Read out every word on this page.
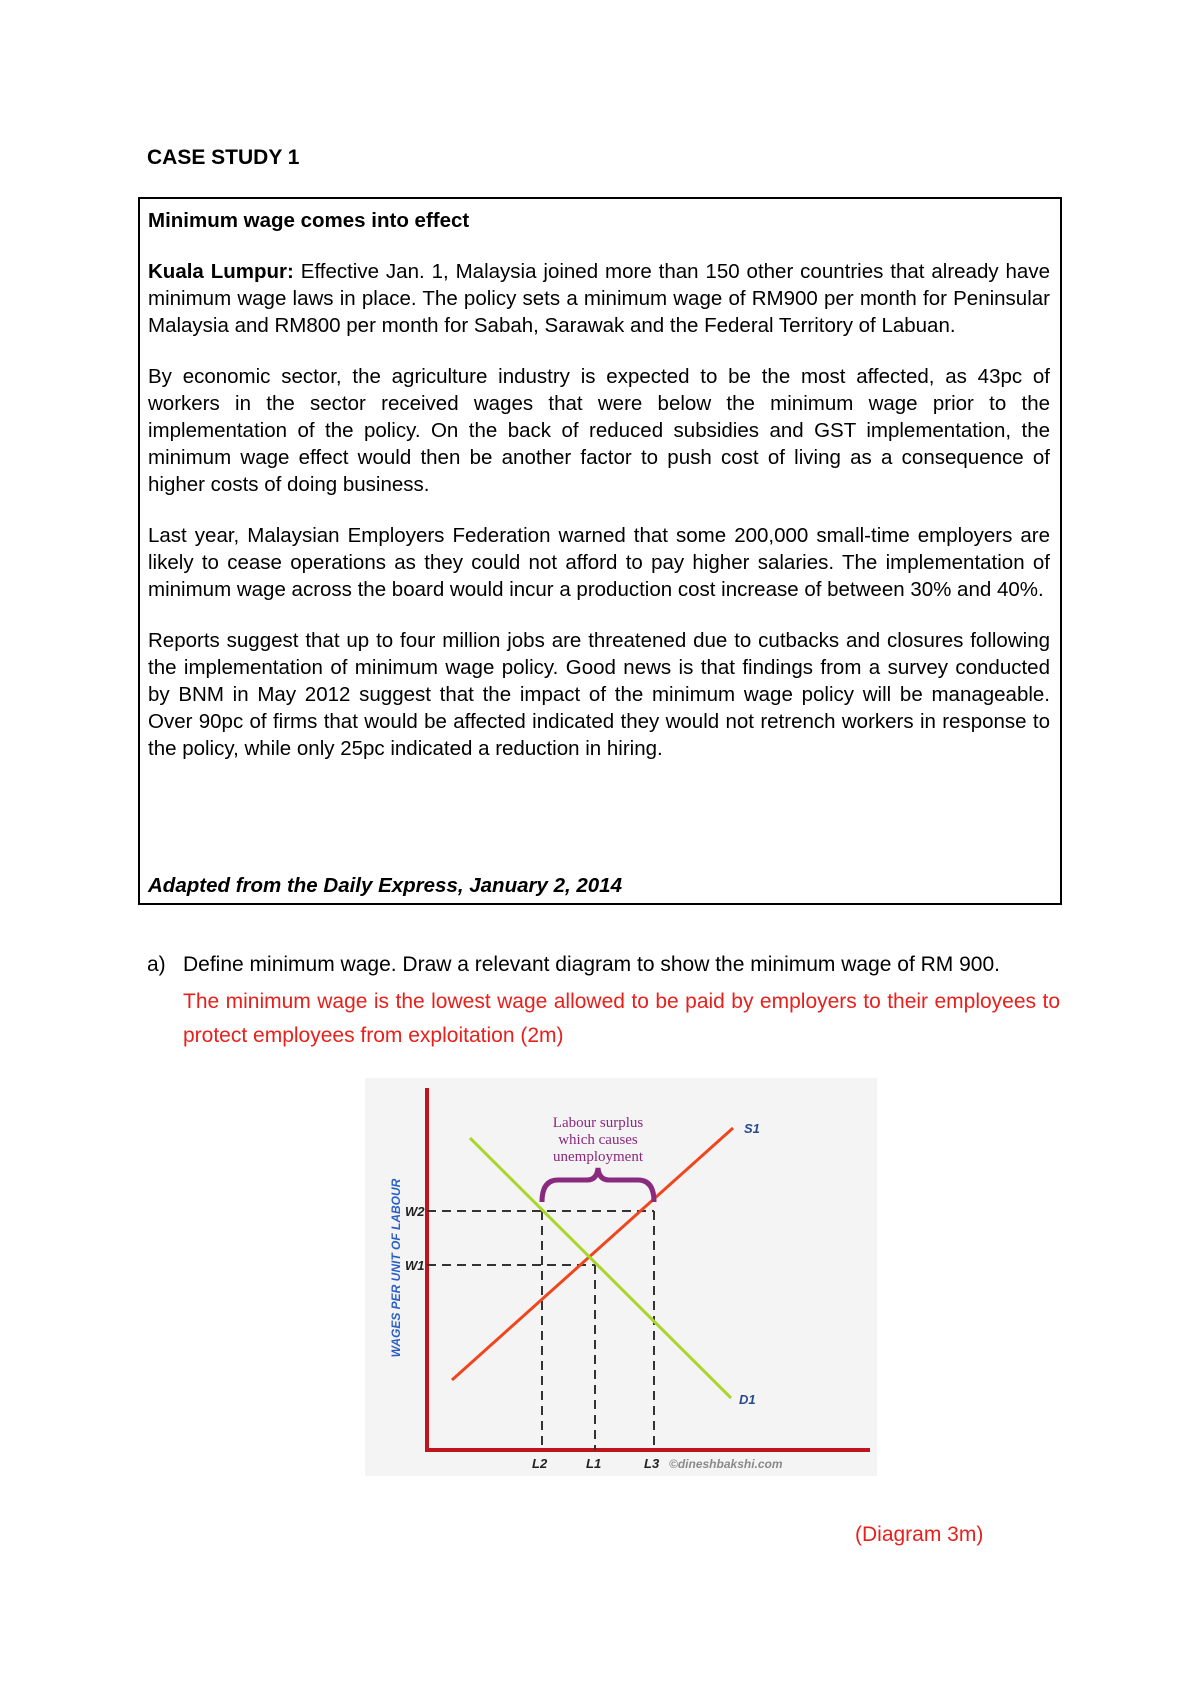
CASE STUDY 1

Minimum wage comes into effect

Kuala Lumpur: Effective Jan. 1, Malaysia joined more than 150 other countries that already have minimum wage laws in place. The policy sets a minimum wage of RM900 per month for Peninsular Malaysia and RM800 per month for Sabah, Sarawak and the Federal Territory of Labuan.

By economic sector, the agriculture industry is expected to be the most affected, as 43pc of workers in the sector received wages that were below the minimum wage prior to the implementation of the policy. On the back of reduced subsidies and GST implementation, the minimum wage effect would then be another factor to push cost of living as a consequence of higher costs of doing business.

Last year, Malaysian Employers Federation warned that some 200,000 small-time employers are likely to cease operations as they could not afford to pay higher salaries. The implementation of minimum wage across the board would incur a production cost increase of between 30% and 40%.

Reports suggest that up to four million jobs are threatened due to cutbacks and closures following the implementation of minimum wage policy. Good news is that findings from a survey conducted by BNM in May 2012 suggest that the impact of the minimum wage policy will be manageable. Over 90pc of firms that would be affected indicated they would not retrench workers in response to the policy, while only 25pc indicated a reduction in hiring.

Adapted from the Daily Express, January 2, 2014

a) Define minimum wage. Draw a relevant diagram to show the minimum wage of RM 900.
The minimum wage is the lowest wage allowed to be paid by employers to their employees to protect employees from exploitation (2m)
WAGES PER UNIT OF LABOUR
S1
D1
W2
W1
L2	L1	L3 ©dineshbakshi.com
Labour surplus
which causes
unemployment
(Diagram 3m)
